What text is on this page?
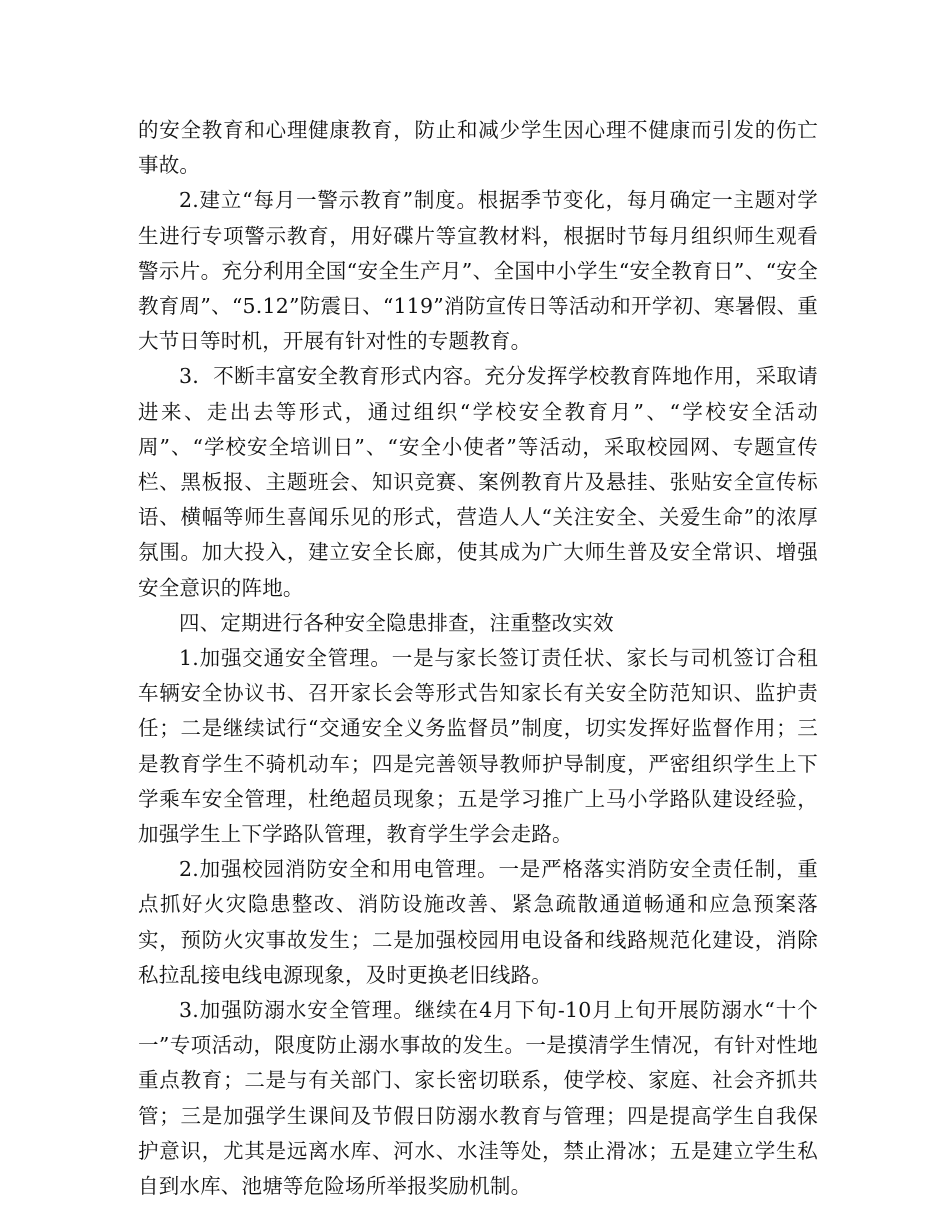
的安全教育和心理健康教育，防止和减少学生因心理不健康而引发的伤亡事故。

2.建立“每月一警示教育”制度。根据季节变化，每月确定一主题对学生进行专项警示教育，用好碟片等宣教材料，根据时节每月组织师生观看警示片。充分利用全国“安全生产月”、全国中小学生“安全教育日”、“安全教育周”、“5.12”防震日、“119”消防宣传日等活动和开学初、寒暑假、重大节日等时机，开展有针对性的专题教育。

3．不断丰富安全教育形式内容。充分发挥学校教育阵地作用，采取请进来、走出去等形式，通过组织“学校安全教育月”、“学校安全活动周”、“学校安全培训日”、“安全小使者”等活动，采取校园网、专题宣传栏、黑板报、主题班会、知识竞赛、案例教育片及悬挂、张贴安全宣传标语、横幅等师生喜闻乐见的形式，营造人人“关注安全、关爱生命”的浓厚氛围。加大投入，建立安全长廊，使其成为广大师生普及安全常识、增强安全意识的阵地。

四、定期进行各种安全隐患排查，注重整改实效

1.加强交通安全管理。一是与家长签订责任状、家长与司机签订合租车辆安全协议书、召开家长会等形式告知家长有关安全防范知识、监护责任；二是继续试行“交通安全义务监督员”制度，切实发挥好监督作用；三是教育学生不骑机动车；四是完善领导教师护导制度，严密组织学生上下学乘车安全管理，杜绝超员现象；五是学习推广上马小学路队建设经验，加强学生上下学路队管理，教育学生学会走路。

2.加强校园消防安全和用电管理。一是严格落实消防安全责任制，重点抓好火灾隐患整改、消防设施改善、紧急疏散通道畅通和应急预案落实，预防火灾事故发生；二是加强校园用电设备和线路规范化建设，消除私拉乱接电线电源现象，及时更换老旧线路。

3.加强防溺水安全管理。继续在4月下旬-10月上旬开展防溺水“十个一”专项活动，限度防止溺水事故的发生。一是摸清学生情况，有针对性地重点教育；二是与有关部门、家长密切联系，使学校、家庭、社会齐抓共管；三是加强学生课间及节假日防溺水教育与管理；四是提高学生自我保护意识，尤其是远离水库、河水、水洼等处，禁止滑冰；五是建立学生私自到水库、池塘等危险场所举报奖励机制。
